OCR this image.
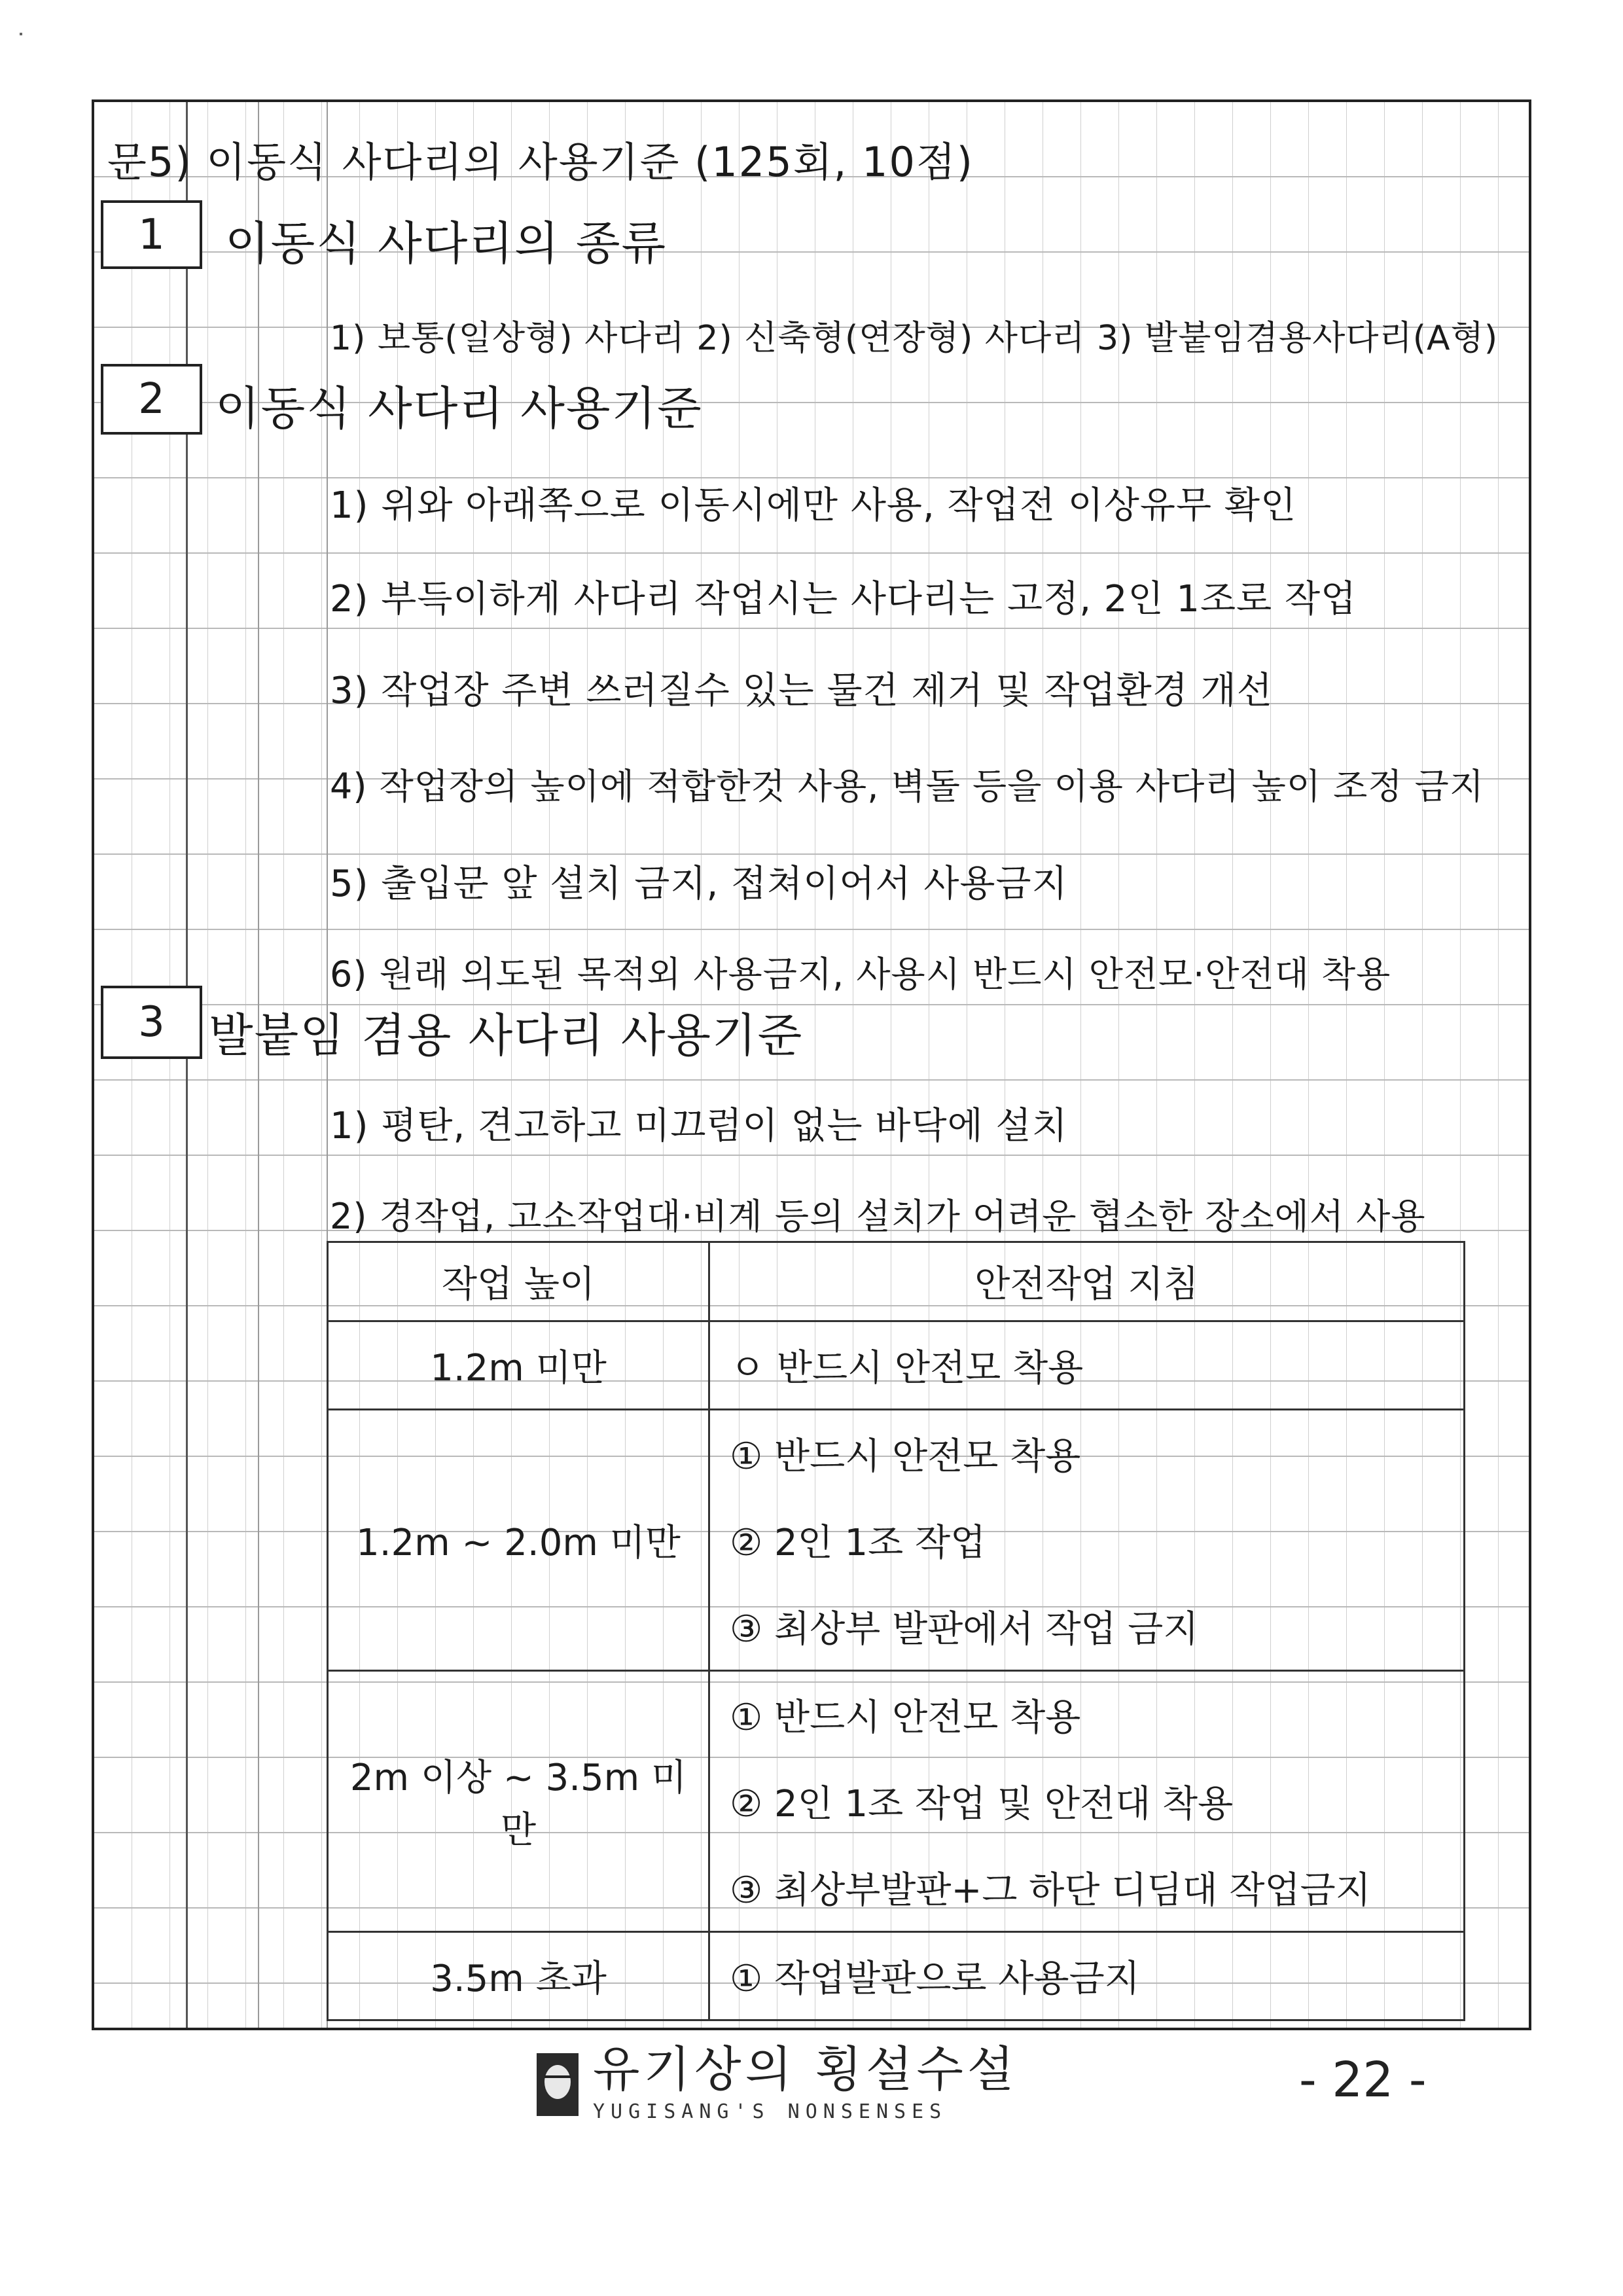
문5) 이동식 사다리의 사용기준 (125회, 10점)
1	이동식 사다리의 종류
1) 보통(일상형) 사다리 2) 신축형(연장형) 사다리 3) 발붙임겸용사다리(A형)
2	이동식 사다리 사용기준
1) 위와 아래쪽으로 이동시에만 사용, 작업전 이상유무 확인
2) 부득이하게 사다리 작업시는 사다리는 고정, 2인 1조로 작업
3) 작업장 주변 쓰러질수 있는 물건 제거 및 작업환경 개선
4) 작업장의 높이에 적합한것 사용, 벽돌 등을 이용 사다리 높이 조정 금지
5) 출입문 앞 설치 금지, 접쳐이어서 사용금지
6) 원래 의도된 목적외 사용금지, 사용시 반드시 안전모·안전대 착용
3 발붙임 겸용 사다리 사용기준
1) 평탄, 견고하고 미끄럼이 없는 바닥에 설치
2) 경작업, 고소작업대·비계 등의 설치가 어려운 협소한 장소에서 사용
작업 높이	안전작업 지침
1.2m 미만	ㅇ 반드시 안전모 착용
1.2m ~ 2.0m 미만	① 반드시 안전모 착용
	② 2인 1조 작업
	③ 최상부 발판에서 작업 금지
2m 이상 ~ 3.5m 미만	① 반드시 안전모 착용
	② 2인 1조 작업 및 안전대 착용
	③ 최상부발판+그 하단 디딤대 작업금지
3.5m 초과	① 작업발판으로 사용금지
유기상의 횡설수설
YUGISANG'S NONSENSES
- 22 -
